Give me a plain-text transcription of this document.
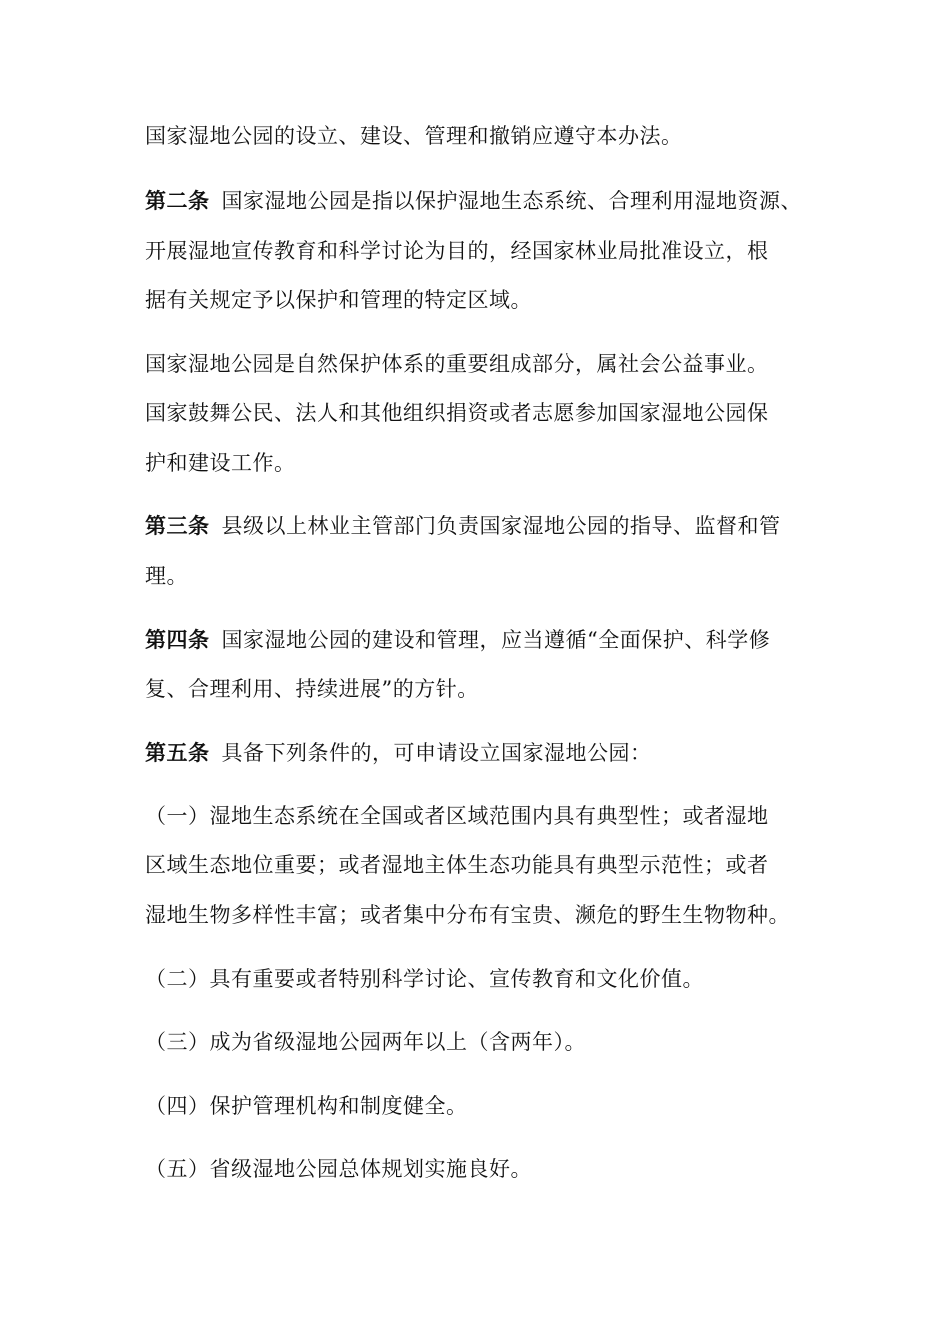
国家湿地公园的设立、建设、管理和撤销应遵守本办法。
第二条 国家湿地公园是指以保护湿地生态系统、合理利用湿地资源、
开展湿地宣传教育和科学讨论为目的，经国家林业局批准设立，根
据有关规定予以保护和管理的特定区域。
国家湿地公园是自然保护体系的重要组成部分，属社会公益事业。
国家鼓舞公民、法人和其他组织捐资或者志愿参加国家湿地公园保
护和建设工作。
第三条 县级以上林业主管部门负责国家湿地公园的指导、监督和管
理。
第四条 国家湿地公园的建设和管理，应当遵循“全面保护、科学修
复、合理利用、持续进展”的方针。
第五条 具备下列条件的，可申请设立国家湿地公园：
（一）湿地生态系统在全国或者区域范围内具有典型性；或者湿地
区域生态地位重要；或者湿地主体生态功能具有典型示范性；或者
湿地生物多样性丰富；或者集中分布有宝贵、濒危的野生生物物种。
（二）具有重要或者特别科学讨论、宣传教育和文化价值。
（三）成为省级湿地公园两年以上（含两年）。
（四）保护管理机构和制度健全。
（五）省级湿地公园总体规划实施良好。
